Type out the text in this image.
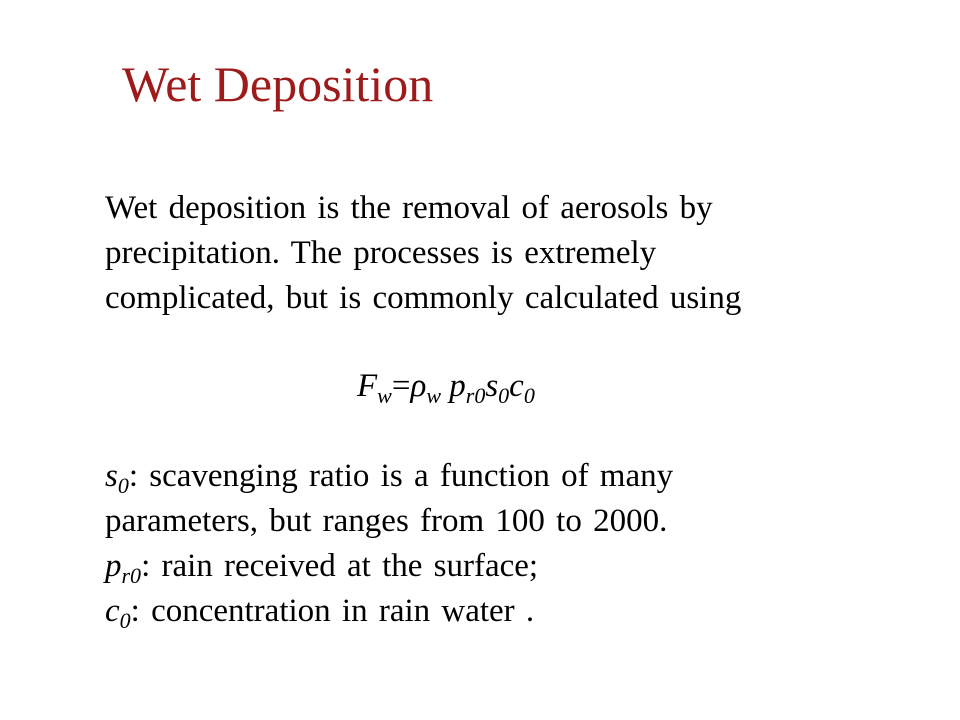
Wet Deposition
Wet deposition is the removal of aerosols by
precipitation. The processes is extremely
complicated, but is commonly calculated using
$F_w=\rho_w$ $p_{r0}s_0c_0$
$s_0$: scavenging ratio is a function of many
parameters, but ranges from 100 to 2000.
$p_{r0}$: rain received at the surface;
$c_0$: concentration in rain water .
